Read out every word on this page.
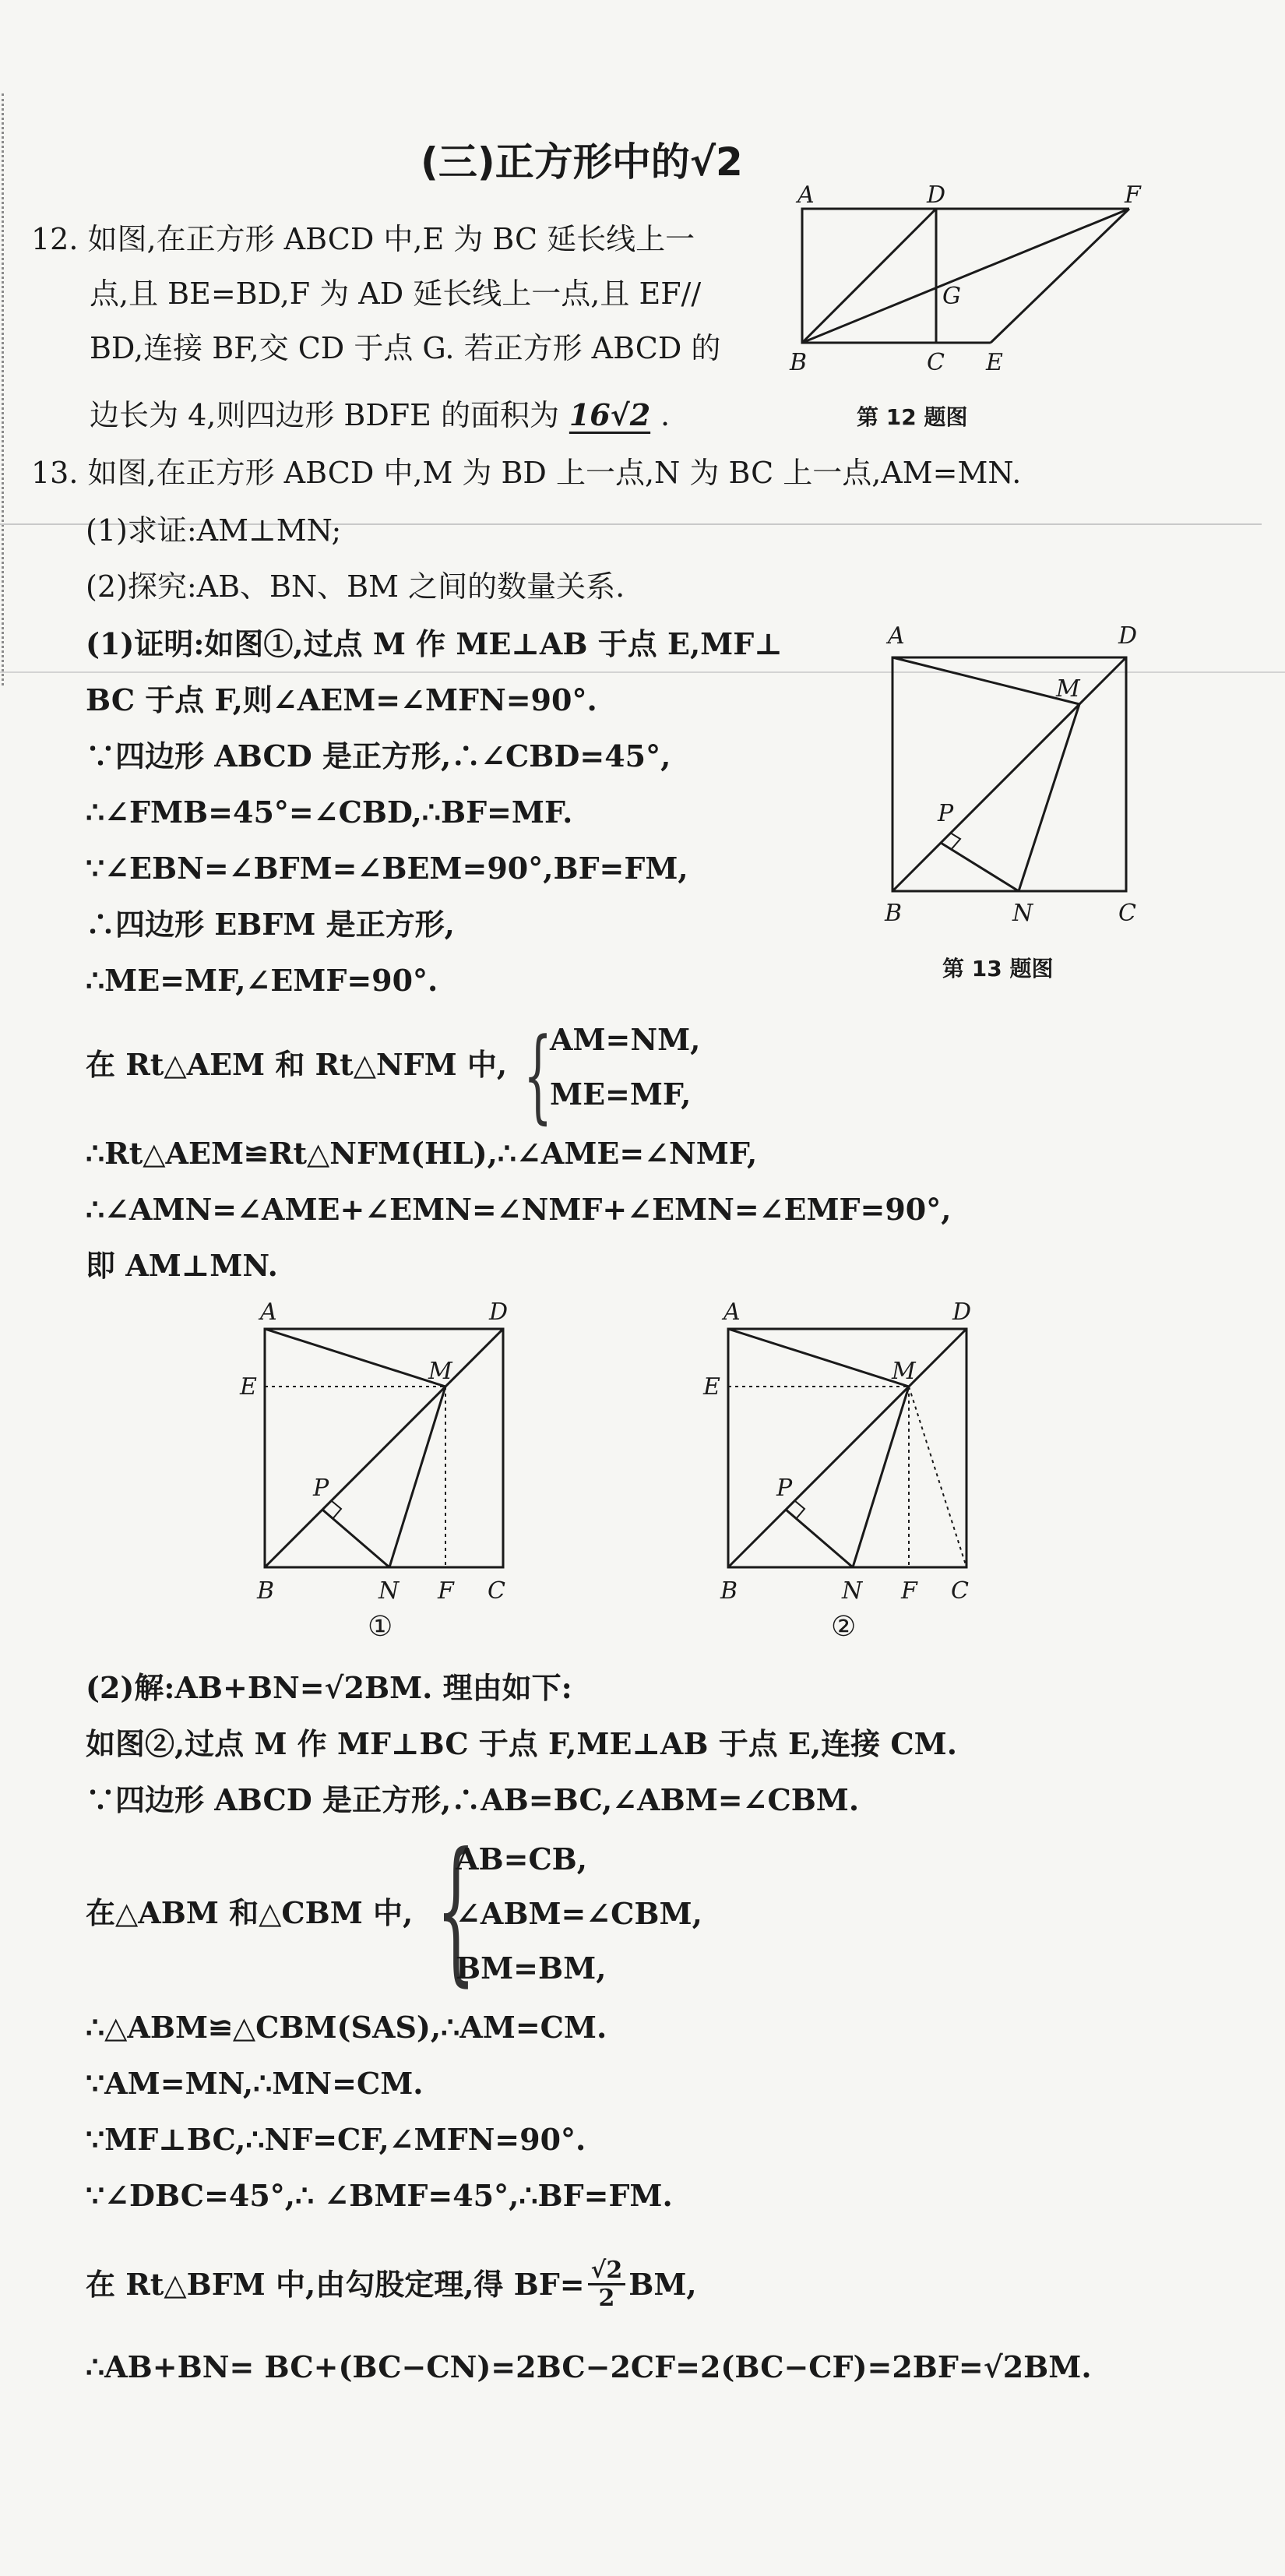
(三)正方形中的√2
12. 如图,在正方形 ABCD 中,E 为 BC 延长线上一
点,且 BE=BD,F 为 AD 延长线上一点,且 EF//
BD,连接 BF,交 CD 于点 G. 若正方形 ABCD 的
边长为 4,则四边形 BDFE 的面积为 16√2 .
A	D	F
G
B	C E
第 12 题图
13. 如图,在正方形 ABCD 中,M 为 BD 上一点,N 为 BC 上一点,AM=MN.
(1)求证:AM⊥MN;
(2)探究:AB、BN、BM 之间的数量关系.
A	D
M
P
B	N	C
第 13 题图
(1)证明:如图①,过点 M 作 ME⊥AB 于点 E,MF⊥
BC 于点 F,则∠AEM=∠MFN=90°.
∵四边形 ABCD 是正方形,∴∠CBD=45°,
∴∠FMB=45°=∠CBD,∴BF=MF.
∵∠EBN=∠BFM=∠BEM=90°,BF=FM,
∴四边形 EBFM 是正方形,
∴ME=MF,∠EMF=90°.
在 Rt△AEM 和 Rt△NFM 中, {
AM=NM,
ME=MF,
∴Rt△AEM≌Rt△NFM(HL),∴∠AME=∠NMF,
∴∠AMN=∠AME+∠EMN=∠NMF+∠EMN=∠EMF=90°,
即 AM⊥MN.
A	D
E
M
P
B	N F C
①
A	D
E
M
P
B	N F C
②
(2)解:AB+BN=√2BM. 理由如下:
如图②,过点 M 作 MF⊥BC 于点 F,ME⊥AB 于点 E,连接 CM.
∵四边形 ABCD 是正方形,∴AB=BC,∠ABM=∠CBM.
在△ABM 和△CBM 中, {
AB=CB,
∠ABM=∠CBM,
BM=BM,
∴△ABM≌△CBM(SAS),∴AM=CM.
∵AM=MN,∴MN=CM.
∵MF⊥BC,∴NF=CF,∠MFN=90°.
∵∠DBC=45°,∴ ∠BMF=45°,∴BF=FM.
在 Rt△BFM 中,由勾股定理,得 $BF= \frac{√2}{2}$ BM,
∴AB+BN= BC+(BC−CN)=2BC−2CF=2(BC−CF)=2BF=√2BM.
